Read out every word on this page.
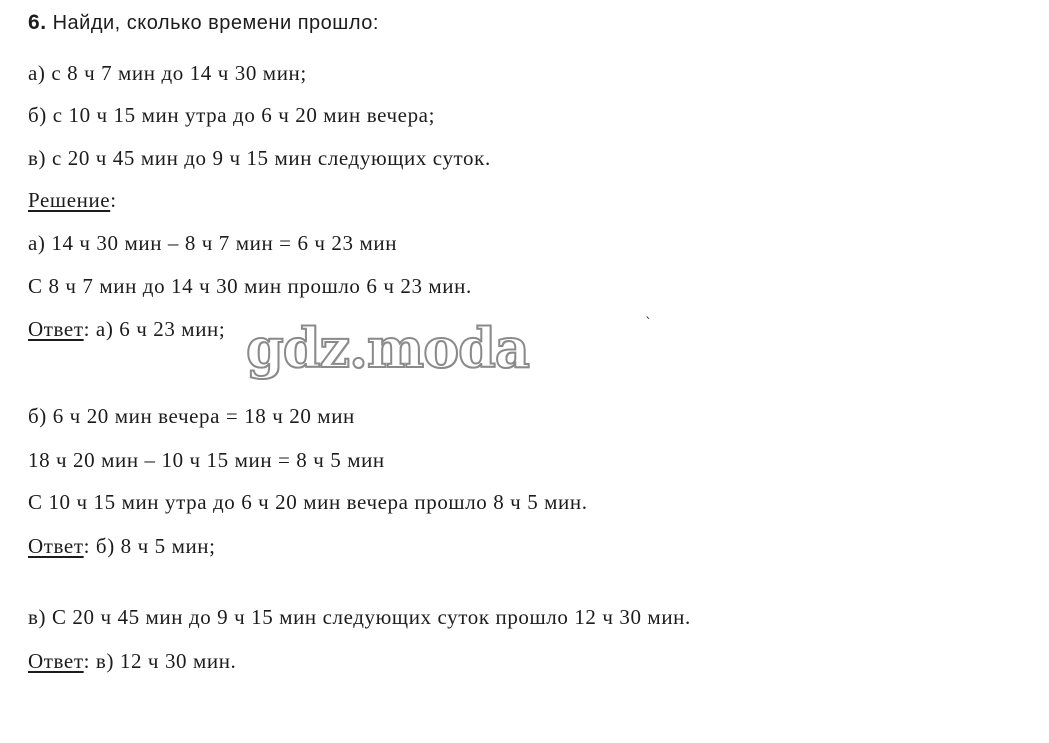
6. Найди, сколько времени прошло:
а) с 8 ч 7 мин до 14 ч 30 мин;
б) с 10 ч 15 мин утра до 6 ч 20 мин вечера;
в) с 20 ч 45 мин до 9 ч 15 мин следующих суток.
Решение:
а) 14 ч 30 мин – 8 ч 7 мин = 6 ч 23 мин
С 8 ч 7 мин до 14 ч 30 мин прошло 6 ч 23 мин.
Ответ: а) 6 ч 23 мин;
б) 6 ч 20 мин вечера = 18 ч 20 мин
18 ч 20 мин – 10 ч 15 мин = 8 ч 5 мин
С 10 ч 15 мин утра до 6 ч 20 мин вечера прошло 8 ч 5 мин.
Ответ: б) 8 ч 5 мин;
в) С 20 ч 45 мин до 9 ч 15 мин следующих суток прошло 12 ч 30 мин.
Ответ: в) 12 ч 30 мин.
gdz.moda	`
